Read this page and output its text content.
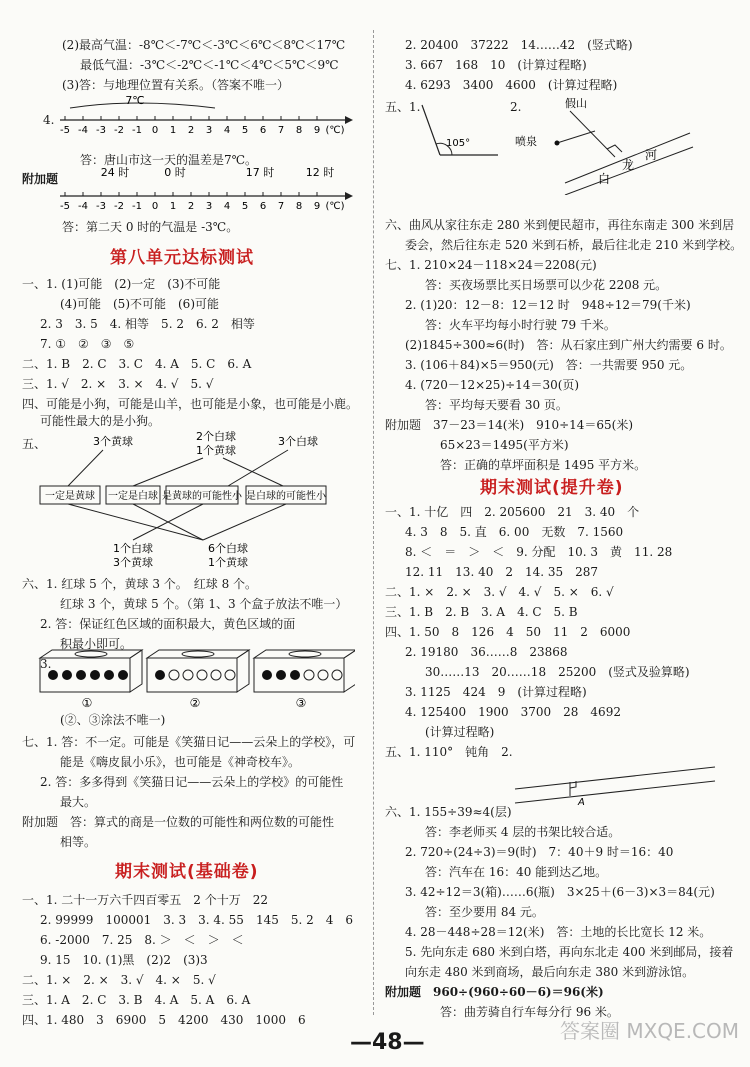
(2)最高气温：-8℃＜-7℃＜-3℃＜6℃＜8℃＜17℃
最低气温：-3℃＜-2℃＜-1℃＜4℃＜5℃＜9℃
(3)答：与地理位置有关系。（答案不唯一）
4.
7℃
-5 -4 -3 -2 -1 0 1 2 3 4 5 6 7 8 9 (℃)
答：唐山市这一天的温差是7℃。
附加题	24 时	0 时	17 时	12 时
-5 -4 -3 -2 -1 0 1 2 3 4 5 6 7 8 9 (℃)
答：第二天 0 时的气温是 -3℃。
第八单元达标测试
一、1. (1)可能　(2)一定　(3)不可能
(4)可能　(5)不可能　(6)可能
2. 3　3. 5　4. 相等　5. 2　6. 2　相等
7. ①　②　③　⑤
二、1. B　2. C　3. C　4. A　5. C　6. A
三、1. √　2. ×　3. ×　4. √　5. √
四、可能是小狗，可能是山羊，也可能是小象，也可能是小鹿。
可能性最大的是小狗。
五、	3个黄球	2个白球
1个黄球
3个白球
一定是黄球 一定是白球 是黄球的可能性小 是白球的可能性小
1个白球
3个黄球
6个白球
1个黄球
六、1. 红球 5 个，黄球 3 个。　红球 8 个。
红球 3 个，黄球 5 个。（第 1、3 个盒子放法不唯一）
2. 答：保证红色区域的面积最大，黄色区域的面
积最小即可。
3.
①	②	③
(②、③涂法不唯一)
七、1. 答：不一定。可能是《笑猫日记——云朵上的学校》，可
能是《嗨皮鼠小乐》，也可能是《神奇校车》。
2. 答：多多得到《笑猫日记——云朵上的学校》的可能性
最大。
附加题　答：算式的商是一位数的可能性和两位数的可能性
相等。
期末测试(基础卷)
一、1. 二十一万六千四百零五　2 个十万　22
2. 99999　100001　3. 3　3. 4. 55　145　5. 2　4　6
6. -2000　7. 25　8. ＞　＜　＞　＜
9. 15　10. (1)黑　(2)2　(3)3
二、1. ×　2. ×　3. √　4. ×　5. √
三、1. A　2. C　3. B　4. A　5. A　6. A
四、1. 480　3　6900　5　4200　430　1000　6
2. 20400　37222　14……42　(竖式略)
3. 667　168　10　(计算过程略)
4. 6293　3400　4600　(计算过程略)
五、1.	2.
105°
假山
喷泉
白
龙
河
六、曲风从家往东走 280 米到便民超市，再往东南走 300 米到居
委会，然后往东走 520 米到石桥，最后往北走 210 米到学校。
七、1. 210×24－118×24＝2208(元)
答：买夜场票比买日场票可以少花 2208 元。
2. (1)20：12－8：12＝12 时　948÷12＝79(千米)
答：火车平均每小时行驶 79 千米。
(2)1845÷300≈6(时)　答：从石家庄到广州大约需要 6 时。
3. (106＋84)×5＝950(元)　答：一共需要 950 元。
4. (720－12×25)÷14＝30(页)
答：平均每天要看 30 页。
附加题　37－23＝14(米)　910÷14＝65(米)
65×23＝1495(平方米)
答：正确的草坪面积是 1495 平方米。
期末测试(提升卷)
一、1. 十亿　四　2. 205600　21　3. 40　个
4. 3　8　5. 直　6. 00　无数　7. 1560
8. ＜　＝　＞　＜　9. 分配　10. 3　黄　11. 28
12. 11　13. 40　2　14. 35　287
二、1. ×　2. ×　3. √　4. √　5. ×　6. √
三、1. B　2. B　3. A　4. C　5. B
四、1. 50　8　126　4　50　11　2　6000
2. 19180　36……8　23868
30……13　20……18　25200　(竖式及验算略)
3. 1125　424　9　(计算过程略)
4. 125400　1900　3700　28　4692
(计算过程略)
五、1. 110°　钝角　2.
A
六、1. 155÷39≈4(层)
答：李老师买 4 层的书架比较合适。
2. 720÷(24÷3)＝9(时)　7：40＋9 时＝16：40
答：汽车在 16：40 能到达乙地。
3. 42÷12＝3(箱)……6(瓶)　3×25＋(6－3)×3＝84(元)
答：至少要用 84 元。
4. 28－448÷28＝12(米)　答：土地的长比宽长 12 米。
5. 先向东走 680 米到白塔，再向东北走 400 米到邮局，接着
向东走 480 米到商场，最后向东走 380 米到游泳馆。
附加题　960÷(960÷60－6)＝96(米)
答：曲芳骑自行车每分行 96 米。
—48—	答案圈 MXQE.COM
